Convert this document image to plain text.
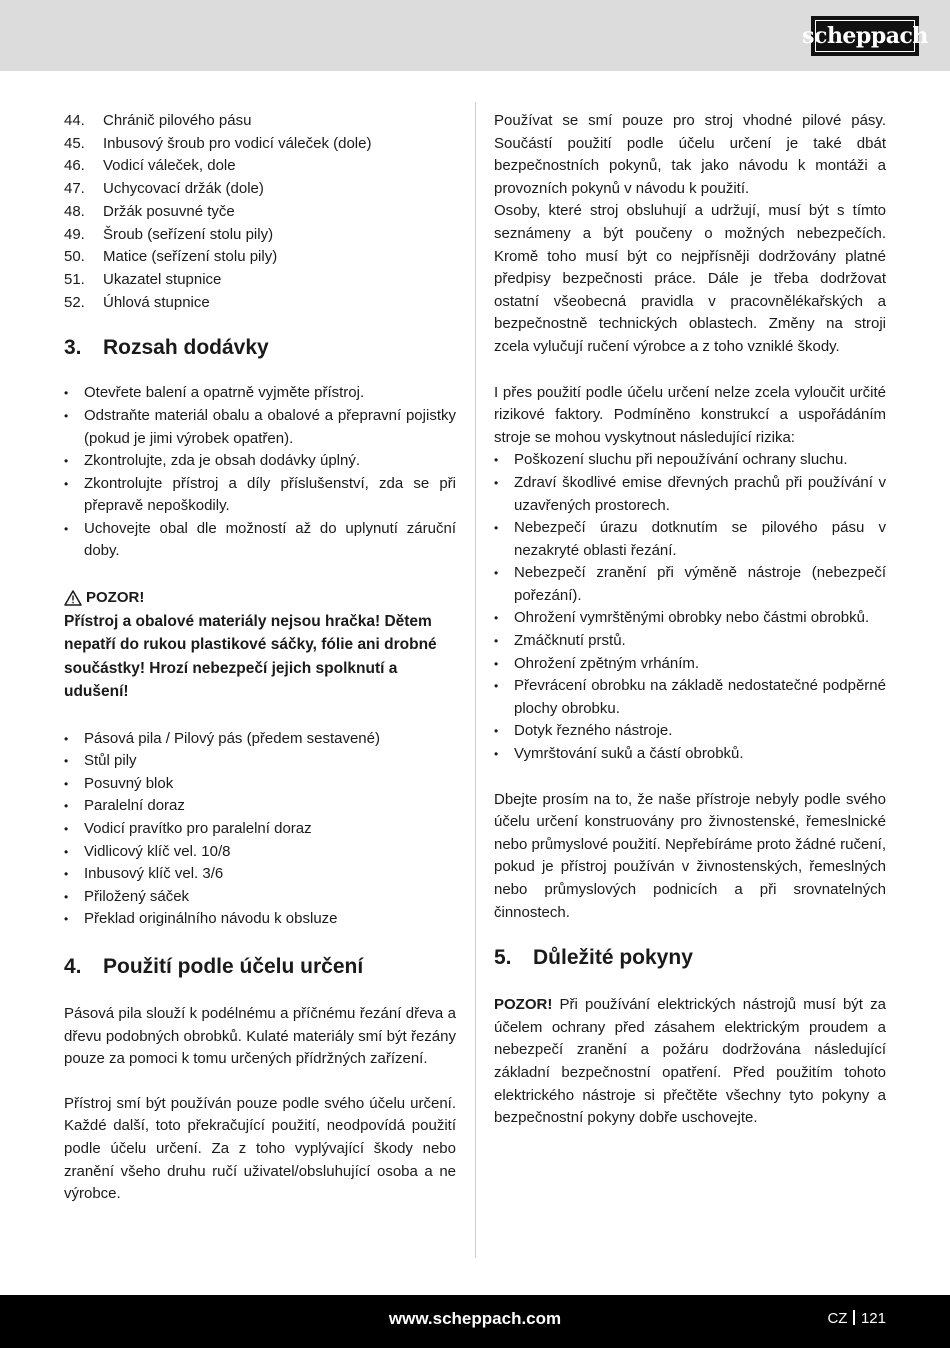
scheppach
44.	Chránič pilového pásu
45.	Inbusový šroub pro vodicí váleček (dole)
46.	Vodicí váleček, dole
47.	Uchycovací držák (dole)
48.	Držák posuvné tyče
49.	Šroub (seřízení stolu pily)
50.	Matice (seřízení stolu pily)
51.	Ukazatel stupnice
52.	Úhlová stupnice
3.	Rozsah dodávky
• Otevřete balení a opatrně vyjměte přístroj.
• Odstraňte materiál obalu a obalové a přepravní pojistky (pokud je jimi výrobek opatřen).
• Zkontrolujte, zda je obsah dodávky úplný.
• Zkontrolujte přístroj a díly příslušenství, zda se při přepravě nepoškodily.
• Uchovejte obal dle možností až do uplynutí záruční doby.
POZOR!

Přístroj a obalové materiály nejsou hračka! Dětem nepatří do rukou plastikové sáčky, fólie ani drobné součástky! Hrozí nebezpečí jejich spolknutí a udušení!

• Pásová pila / Pilový pás (předem sestavené)
• Stůl pily
• Posuvný blok
• Paralelní doraz
• Vodicí pravítko pro paralelní doraz
• Vidlicový klíč vel. 10/8
• Inbusový klíč vel. 3/6
• Přiložený sáček
• Překlad originálního návodu k obsluze
4.	Použití podle účelu určení

Pásová pila slouží k podélnému a příčnému řezání dřeva a dřevu podobných obrobků. Kulaté materiály smí být řezány pouze za pomoci k tomu určených přídržných zařízení.

Přístroj smí být používán pouze podle svého účelu určení. Každé další, toto překračující použití, neodpovídá použití podle účelu určení. Za z toho vyplývající škody nebo zranění všeho druhu ručí uživatel/obsluhující osoba a ne výrobce.

Používat se smí pouze pro stroj vhodné pilové pásy. Součástí použití podle účelu určení je také dbát bezpečnostních pokynů, tak jako návodu k montáži a provozních pokynů v návodu k použití.

Osoby, které stroj obsluhují a udržují, musí být s tímto seznámeny a být poučeny o možných nebezpečích. Kromě toho musí být co nejpřísněji dodržovány platné předpisy bezpečnosti práce. Dále je třeba dodržovat ostatní všeobecná pravidla v pracovnělékařských a bezpečnostně technických oblastech. Změny na stroji zcela vylučují ručení výrobce a z toho vzniklé škody.

I přes použití podle účelu určení nelze zcela vyloučit určité rizikové faktory. Podmíněno konstrukcí a uspořádáním stroje se mohou vyskytnout následující rizika:

• Poškození sluchu při nepoužívání ochrany sluchu.
• Zdraví škodlivé emise dřevných prachů při používání v uzavřených prostorech.
• Nebezpečí úrazu dotknutím se pilového pásu v nezakryté oblasti řezání.
• Nebezpečí zranění při výměně nástroje (nebezpečí pořezání).
• Ohrožení vymrštěnými obrobky nebo částmi obrobků.
• Zmáčknutí prstů.
• Ohrožení zpětným vrháním.
• Převrácení obrobku na základě nedostatečné podpěrné plochy obrobku.
• Dotyk řezného nástroje.
• Vymrštování suků a částí obrobků.

Dbejte prosím na to, že naše přístroje nebyly podle svého účelu určení konstruovány pro živnostenské, řemeslnické nebo průmyslové použití. Nepřebíráme proto žádné ručení, pokud je přístroj používán v živnostenských, řemeslných nebo průmyslových podnicích a při srovnatelných činnostech.

5.	Důležité pokyny

POZOR! Při používání elektrických nástrojů musí být za účelem ochrany před zásahem elektrickým proudem a nebezpečí zranění a požáru dodržována následující základní bezpečnostní opatření. Před použitím tohoto elektrického nástroje si přečtěte všechny tyto pokyny a bezpečnostní pokyny dobře uschovejte.

www.scheppach.com	CZ 121
